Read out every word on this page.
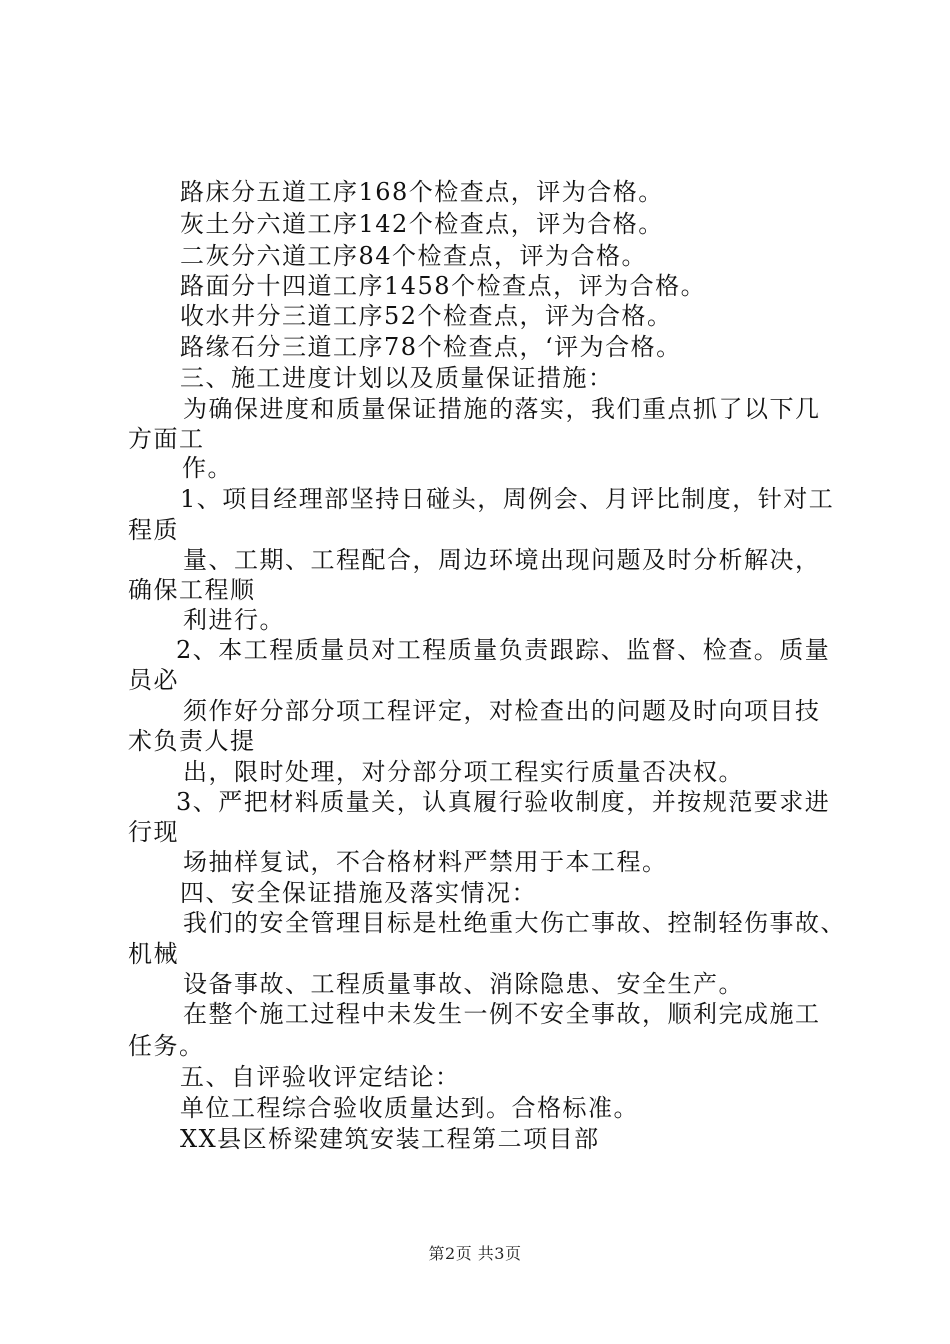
路床分五道工序168个检查点，评为合格。
灰土分六道工序142个检查点，评为合格。
二灰分六道工序84个检查点，评为合格。
路面分十四道工序1458个检查点，评为合格。
收水井分三道工序52个检查点，评为合格。
路缘石分三道工序78个检查点，‘评为合格。
三、施工进度计划以及质量保证措施：
为确保进度和质量保证措施的落实，我们重点抓了以下几
方面工
作。
1、项目经理部坚持日碰头，周例会、月评比制度，针对工
程质
量、工期、工程配合，周边环境出现问题及时分析解决，
确保工程顺
利进行。
2、本工程质量员对工程质量负责跟踪、监督、检查。质量
员必
须作好分部分项工程评定，对检查出的问题及时向项目技
术负责人提
出，限时处理，对分部分项工程实行质量否决权。
3、严把材料质量关，认真履行验收制度，并按规范要求进
行现
场抽样复试，不合格材料严禁用于本工程。
四、安全保证措施及落实情况：
我们的安全管理目标是杜绝重大伤亡事故、控制轻伤事故、
机械
设备事故、工程质量事故、消除隐患、安全生产。
在整个施工过程中未发生一例不安全事故，顺利完成施工
任务。
五、自评验收评定结论：
单位工程综合验收质量达到。合格标准。
XX县区桥梁建筑安装工程第二项目部
第2页 共3页
